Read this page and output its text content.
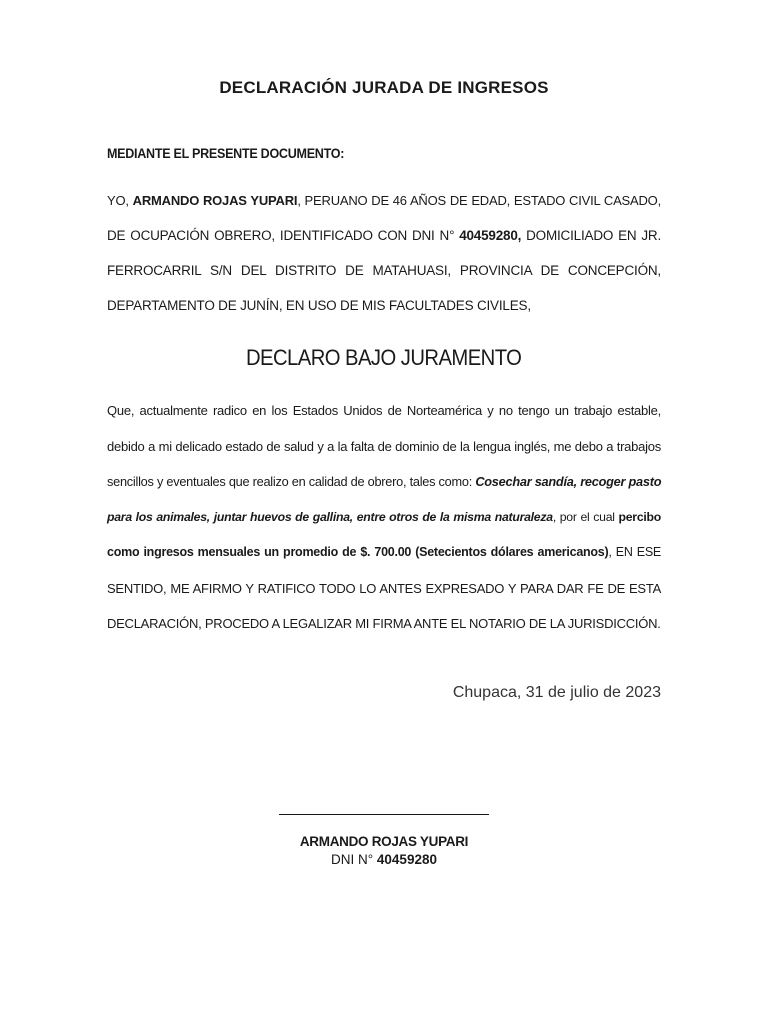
DECLARACIÓN JURADA DE INGRESOS
MEDIANTE EL PRESENTE DOCUMENTO:
YO, ARMANDO ROJAS YUPARI, PERUANO DE 46 AÑOS DE EDAD, ESTADO CIVIL CASADO,
DE OCUPACIÓN OBRERO, IDENTIFICADO CON DNI N° 40459280, DOMICILIADO EN JR.
FERROCARRIL S/N DEL DISTRITO DE MATAHUASI, PROVINCIA DE CONCEPCIÓN,
DEPARTAMENTO DE JUNÍN, EN USO DE MIS FACULTADES CIVILES,
DECLARO BAJO JURAMENTO
Que, actualmente radico en los Estados Unidos de Norteamérica y no tengo un trabajo estable,
debido a mi delicado estado de salud y a la falta de dominio de la lengua inglés, me debo a trabajos
sencillos y eventuales que realizo en calidad de obrero, tales como: Cosechar sandía, recoger pasto
para los animales, juntar huevos de gallina, entre otros de la misma naturaleza, por el cual percibo
como ingresos mensuales un promedio de $. 700.00 (Setecientos dólares americanos), EN ESE
SENTIDO, ME AFIRMO Y RATIFICO TODO LO ANTES EXPRESADO Y PARA DAR FE DE ESTA
DECLARACIÓN, PROCEDO A LEGALIZAR MI FIRMA ANTE EL NOTARIO DE LA JURISDICCIÓN.
Chupaca, 31 de julio de 2023
ARMANDO ROJAS YUPARI
DNI N° 40459280
